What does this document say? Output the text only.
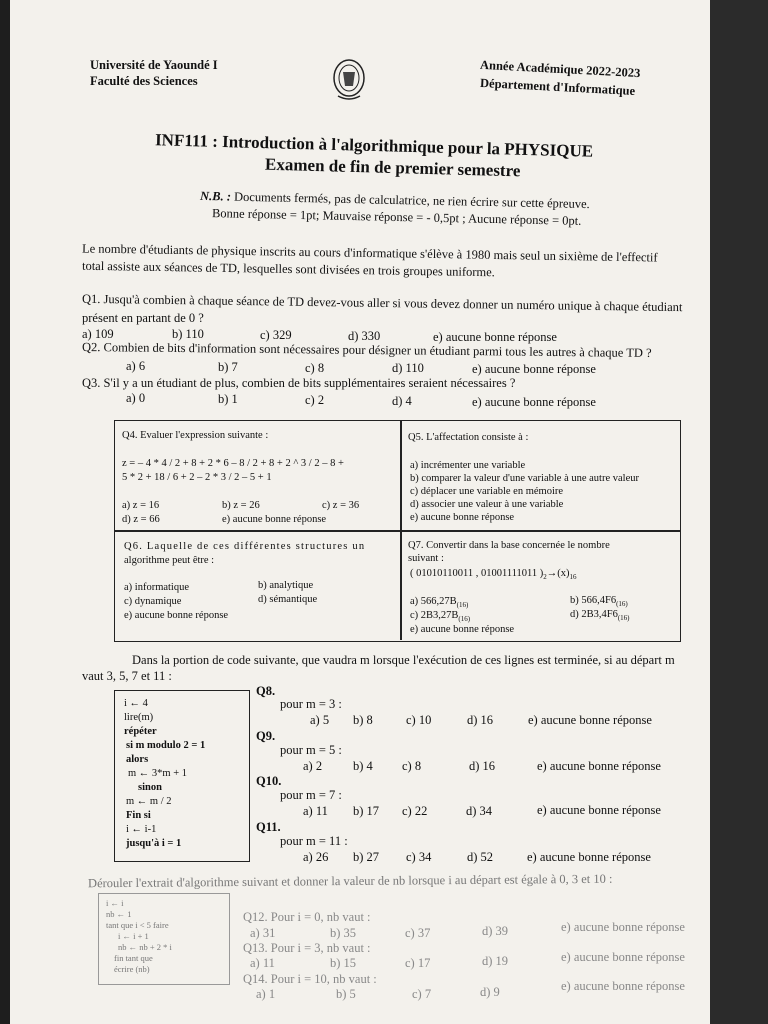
Université de Yaoundé I
Faculté des Sciences
Année Académique 2022-2023
Département d'Informatique
INF111 : Introduction à l'algorithmique pour la PHYSIQUE
Examen de fin de premier semestre
N.B. : Documents fermés, pas de calculatrice, ne rien écrire sur cette épreuve.
Bonne réponse = 1pt; Mauvaise réponse = - 0,5pt ; Aucune réponse = 0pt.
Le nombre d'étudiants de physique inscrits au cours d'informatique s'élève à 1980 mais seul un sixième de l'effectif
total assiste aux séances de TD, lesquelles sont divisées en trois groupes uniforme.
Q1. Jusqu'à combien à chaque séance de TD devez-vous aller si vous devez donner un numéro unique à chaque étudiant
présent en partant de 0 ?
a) 109	b) 110	c) 329	d) 330	e) aucune bonne réponse
Q2. Combien de bits d'information sont nécessaires pour désigner un étudiant parmi tous les autres à chaque TD ?
a) 6	b) 7	c) 8	d) 110	e) aucune bonne réponse
Q3. S'il y a un étudiant de plus, combien de bits supplémentaires seraient nécessaires ?
a) 0	b) 1	c) 2	d) 4	e) aucune bonne réponse
Q4. Evaluer l'expression suivante :
z = – 4 * 4 / 2 + 8 + 2 * 6 – 8 / 2 + 8 + 2 ^ 3 / 2 – 8 +
5 * 2 + 18 / 6 + 2 – 2 * 3 / 2 – 5 + 1
a) z = 16	b) z = 26	c) z = 36
d) z = 66	e) aucune bonne réponse
Q5. L'affectation consiste à :
a) incrémenter une variable
b) comparer la valeur d'une variable à une autre valeur
c) déplacer une variable en mémoire
d) associer une valeur à une variable
e) aucune bonne réponse
Q6. Laquelle de ces différentes structures un
algorithme peut être :
a) informatique	b) analytique
c) dynamique	d) sémantique
e) aucune bonne réponse
Q7. Convertir dans la base concernée le nombre
suivant :
( 01010110011 , 01001111011 )$_2\to(x)_{16}$
a) $566,27B_{(16)}$	b) $566,4F6_{(16)}$
c) $2B3,27B_{(16)}$	d) $2B3,4F6_{(16)}$
e) aucune bonne réponse
Dans la portion de code suivante, que vaudra m lorsque l'exécution de ces lignes est terminée, si au départ m
vaut 3, 5, 7 et 11 :
i ← 4
lire(m)
répéter
si m modulo 2 = 1
alors
m ← 3*m + 1
sinon
m ← m / 2
Fin si
i ← i-1
jusqu'à i = 1
Q8.
pour m = 3 :
a) 5 b) 8	c) 10	d) 16	e) aucune bonne réponse
Q9.
pour m = 5 :
a) 2 b) 4 c) 8	d) 16	e) aucune bonne réponse
Q10.
pour m = 7 :
a) 11 b) 17 c) 22	d) 34	e) aucune bonne réponse
Q11.
pour m = 11 :
a) 26 b) 27 c) 34	d) 52	e) aucune bonne réponse
Dérouler l'extrait d'algorithme suivant et donner la valeur de nb lorsque i au départ est égale à 0, 3 et 10 :
i ← i
nb ← 1
tant que i < 5 faire
i ← i + 1
nb ← nb + 2 * i
fin tant que
écrire (nb)
Q12. Pour i = 0, nb vaut :
a) 31	b) 35	c) 37	d) 39	e) aucune bonne réponse
Q13. Pour i = 3, nb vaut :
a) 11	b) 15	c) 17	d) 19	e) aucune bonne réponse
Q14. Pour i = 10, nb vaut :
a) 1	b) 5	c) 7	d) 9	e) aucune bonne réponse
